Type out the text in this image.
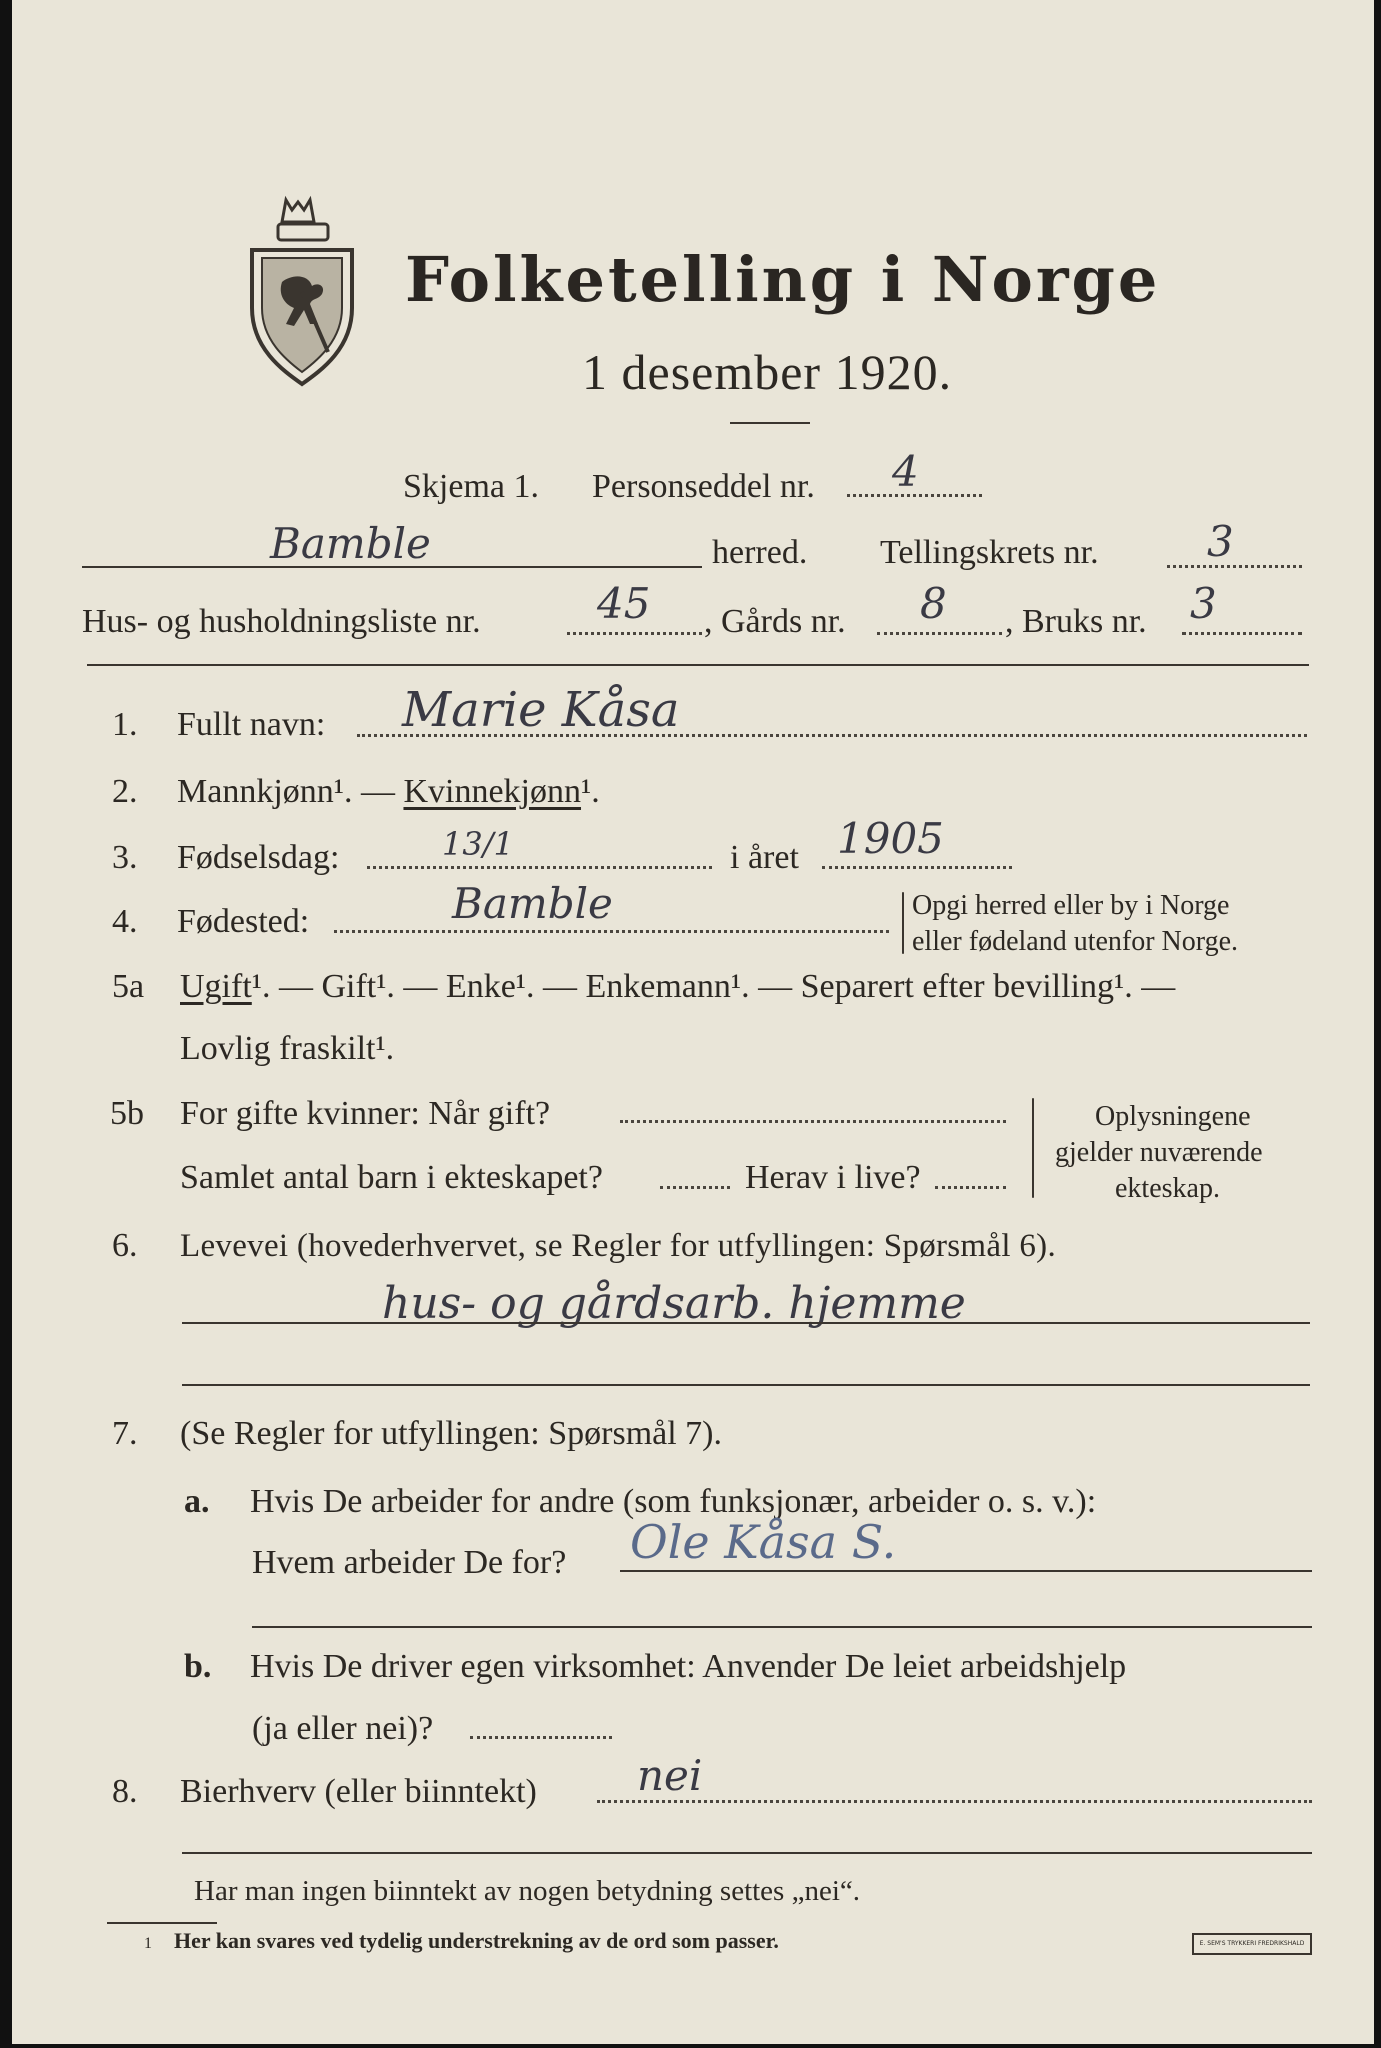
Folketelling i Norge
1 desember 1920.
Skjema 1. Personseddel nr. 4
Bamble	herred. Tellingskrets nr.	3
Hus- og husholdningsliste nr.	45 , Gårds nr. 8 , Bruks nr. 3
1. Fullt navn: Marie Kåsa
2. Mannkjønn¹. — Kvinnekjønn¹.
3. Fødselsdag:	13/1	i året 1905
4. Fødested:	Bamble	Opgi herred eller by i Norge
eller fødeland utenfor Norge.
5a Ugift¹. — Gift¹. — Enke¹. — Enkemann¹. — Separert efter bevilling¹. —
Lovlig fraskilt¹.
5b For gifte kvinner: Når gift?
Samlet antal barn i ekteskapet?	Herav i live?
Oplysningene
gjelder nuværende
ekteskap.
6. Levevei (hovederhvervet, se Regler for utfyllingen: Spørsmål 6).
hus- og gårdsarb. hjemme
7. (Se Regler for utfyllingen: Spørsmål 7).
a. Hvis De arbeider for andre (som funksjonær, arbeider o. s. v.):
Hvem arbeider De for? Ole Kåsa S.
b. Hvis De driver egen virksomhet: Anvender De leiet arbeidshjelp
(ja eller nei)?
8. Bierhverv (eller biinntekt) nei
Har man ingen biinntekt av nogen betydning settes „nei“.
1 Her kan svares ved tydelig understrekning av de ord som passer.	E. SEM'S TRYKKERI FREDRIKSHALD
